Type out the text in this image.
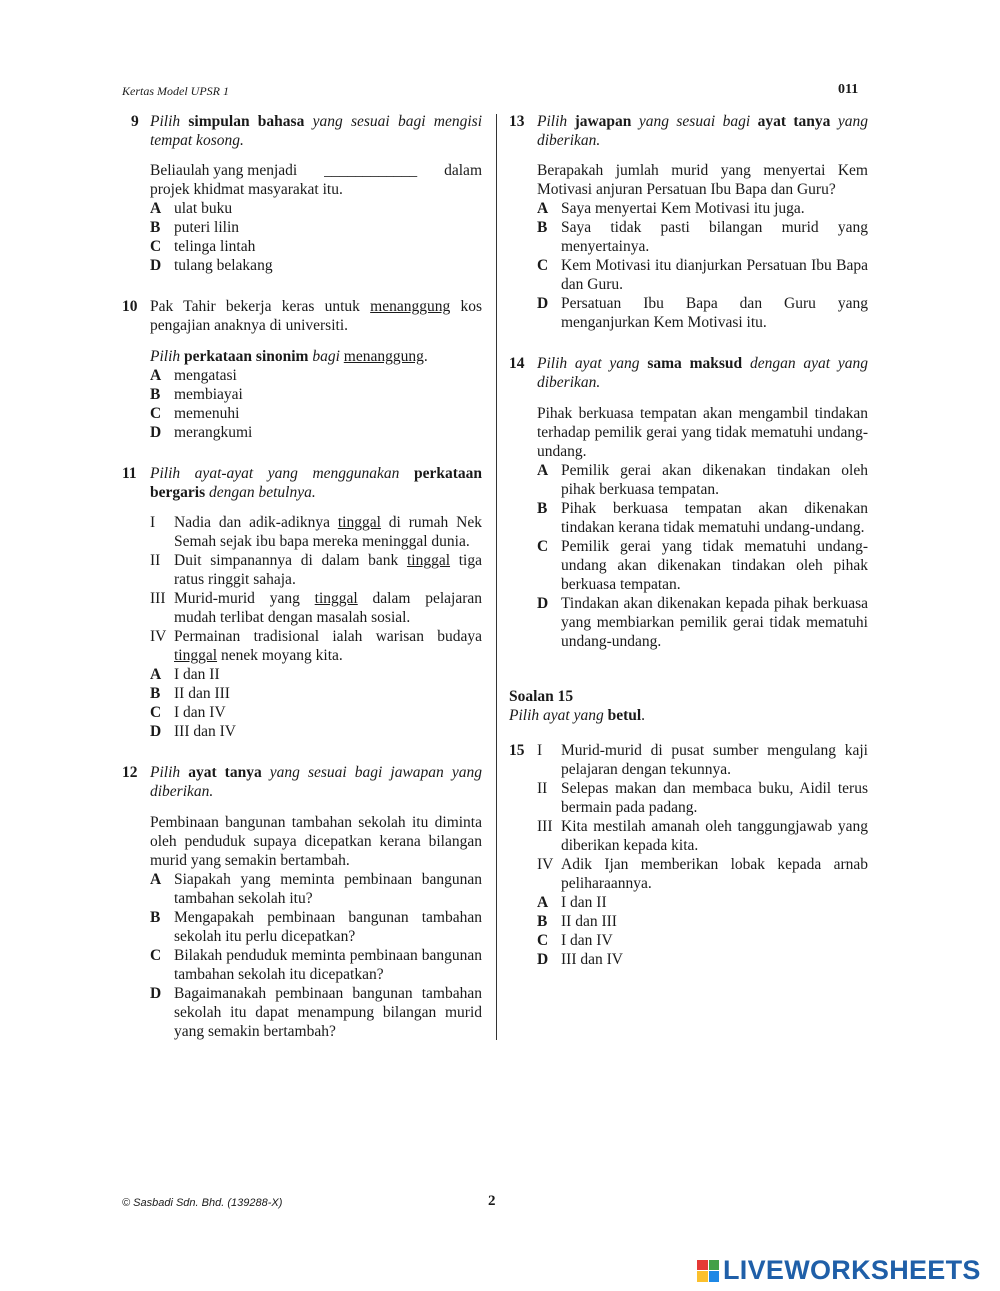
Kertas Model UPSR 1	011
9 Pilih simpulan bahasa yang sesuai bagi mengisi tempat kosong.
Beliaulah yang menjadi ____________ dalam
projek khidmat masyarakat itu.
A ulat buku
B puteri lilin
C telinga lintah
D tulang belakang
10 Pak Tahir bekerja keras untuk menanggung kos pengajian anaknya di universiti.
Pilih perkataan sinonim bagi menanggung.
A mengatasi
B membiayai
C memenuhi
D merangkumi
11 Pilih ayat-ayat yang menggunakan perkataan bergaris dengan betulnya.
I Nadia dan adik-adiknya tinggal di rumah Nek Semah sejak ibu bapa mereka meninggal dunia.
II Duit simpanannya di dalam bank tinggal tiga ratus ringgit sahaja.
III Murid-murid yang tinggal dalam pelajaran mudah terlibat dengan masalah sosial.
IV Permainan tradisional ialah warisan budaya tinggal nenek moyang kita.
A I dan II
B II dan III
C I dan IV
D III dan IV
12 Pilih ayat tanya yang sesuai bagi jawapan yang diberikan.
Pembinaan bangunan tambahan sekolah itu diminta oleh penduduk supaya dicepatkan kerana bilangan murid yang semakin bertambah.
A Siapakah yang meminta pembinaan bangunan tambahan sekolah itu?
B Mengapakah pembinaan bangunan tambahan sekolah itu perlu dicepatkan?
C Bilakah penduduk meminta pembinaan bangunan tambahan sekolah itu dicepatkan?
D Bagaimanakah pembinaan bangunan tambahan sekolah itu dapat menampung bilangan murid yang semakin bertambah?
13 Pilih jawapan yang sesuai bagi ayat tanya yang diberikan.
Berapakah jumlah murid yang menyertai Kem Motivasi anjuran Persatuan Ibu Bapa dan Guru?
A Saya menyertai Kem Motivasi itu juga.
B Saya tidak pasti bilangan murid yang menyertainya.
C Kem Motivasi itu dianjurkan Persatuan Ibu Bapa dan Guru.
D Persatuan Ibu Bapa dan Guru yang menganjurkan Kem Motivasi itu.
14 Pilih ayat yang sama maksud dengan ayat yang diberikan.
Pihak berkuasa tempatan akan mengambil tindakan terhadap pemilik gerai yang tidak mematuhi undang-undang.
A Pemilik gerai akan dikenakan tindakan oleh pihak berkuasa tempatan.
B Pihak berkuasa tempatan akan dikenakan tindakan kerana tidak mematuhi undang-undang.
C Pemilik gerai yang tidak mematuhi undang-undang akan dikenakan tindakan oleh pihak berkuasa tempatan.
D Tindakan akan dikenakan kepada pihak berkuasa yang membiarkan pemilik gerai tidak mematuhi undang-undang.
Soalan 15
Pilih ayat yang betul.
15 I Murid-murid di pusat sumber mengulang kaji pelajaran dengan tekunnya.
II Selepas makan dan membaca buku, Aidil terus bermain pada padang.
III Kita mestilah amanah oleh tanggungjawab yang diberikan kepada kita.
IV Adik Ijan memberikan lobak kepada arnab peliharaannya.
A I dan II
B II dan III
C I dan IV
D III dan IV
© Sasbadi Sdn. Bhd. (139288-X)	2
LIVEWORKSHEETS
